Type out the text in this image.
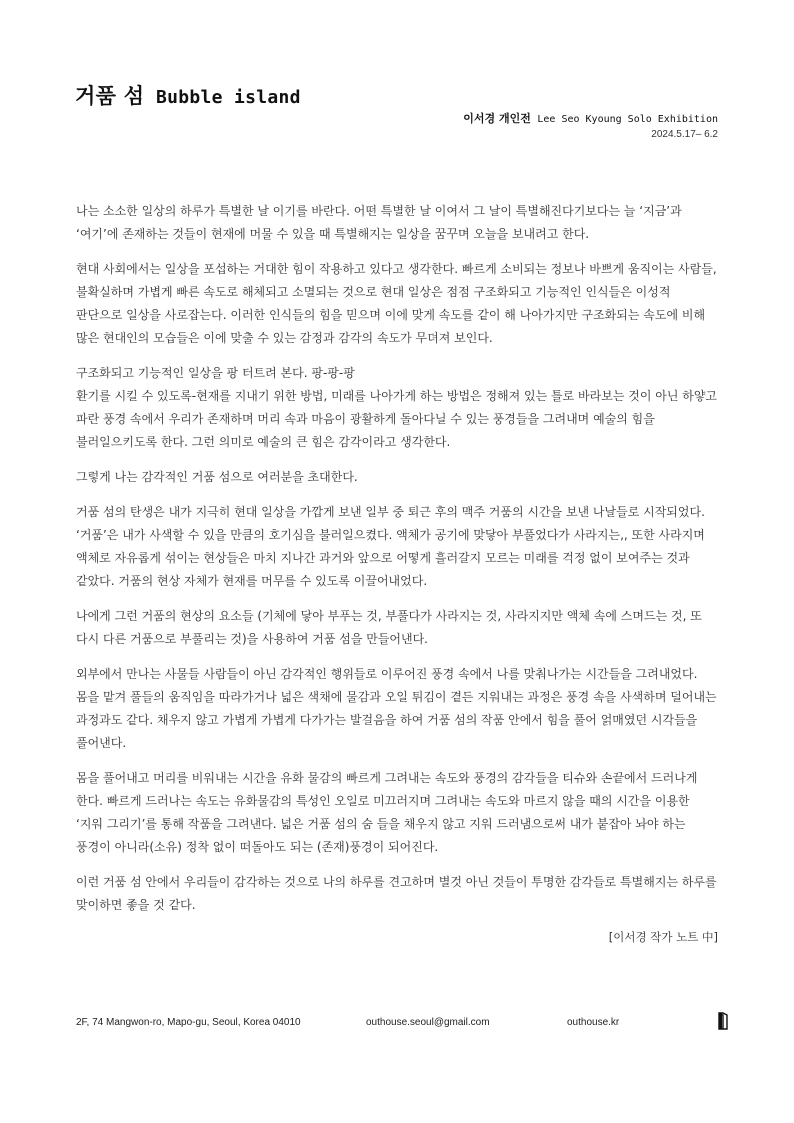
거품 섬 Bubble island
이서경 개인전 Lee Seo Kyoung Solo Exhibition
2024.5.17– 6.2

나는 소소한 일상의 하루가 특별한 날 이기를 바란다. 어떤 특별한 날 이여서 그 날이 특별해진다기보다는 늘 ‘지금’과 ‘여기’에 존재하는 것들이 현재에 머물 수 있을 때 특별해지는 일상을 꿈꾸며 오늘을 보내려고 한다.

현대 사회에서는 일상을 포섭하는 거대한 힘이 작용하고 있다고 생각한다. 빠르게 소비되는 정보나 바쁘게 움직이는 사람들, 불확실하며 가볍게 빠른 속도로 해체되고 소멸되는 것으로 현대 일상은 점점 구조화되고 기능적인 인식들은 이성적 판단으로 일상을 사로잡는다. 이러한 인식들의 힘을 믿으며 이에 맞게 속도를 같이 해 나아가지만 구조화되는 속도에 비해 많은 현대인의 모습들은 이에 맞출 수 있는 감정과 감각의 속도가 무뎌져 보인다.

구조화되고 기능적인 일상을 팡 터트려 본다. 팡-팡-팡
환기를 시킬 수 있도록-현재를 지내기 위한 방법, 미래를 나아가게 하는 방법은 정해져 있는 틀로 바라보는 것이 아닌 하얗고 파란 풍경 속에서 우리가 존재하며 머리 속과 마음이 광활하게 돌아다닐 수 있는 풍경들을 그려내며 예술의 힘을 불러일으키도록 한다. 그런 의미로 예술의 큰 힘은 감각이라고 생각한다.

그렇게 나는 감각적인 거품 섬으로 여러분을 초대한다.

거품 섬의 탄생은 내가 지극히 현대 일상을 가깝게 보낸 일부 중 퇴근 후의 맥주 거품의 시간을 보낸 나날들로 시작되었다. ‘거품’은 내가 사색할 수 있을 만큼의 호기심을 불러일으켰다. 액체가 공기에 맞닿아 부풀었다가 사라지는,, 또한 사라지며 액체로 자유롭게 섞이는 현상들은 마치 지나간 과거와 앞으로 어떻게 흘러갈지 모르는 미래를 걱정 없이 보여주는 것과 같았다. 거품의 현상 자체가 현재를 머무를 수 있도록 이끌어내었다.

나에게 그런 거품의 현상의 요소들 (기체에 닿아 부푸는 것, 부풀다가 사라지는 것, 사라지지만 액체 속에 스며드는 것, 또 다시 다른 거품으로 부풀리는 것)을 사용하여 거품 섬을 만들어낸다.

외부에서 만나는 사물들 사람들이 아닌 감각적인 행위들로 이루어진 풍경 속에서 나를 맞춰나가는 시간들을 그려내었다. 몸을 맡겨 풀들의 움직임을 따라가거나 넓은 색채에 물감과 오일 튀김이 곁든 지워내는 과정은 풍경 속을 사색하며 덜어내는 과정과도 같다. 채우지 않고 가볍게 가볍게 다가가는 발걸음을 하여 거품 섬의 작품 안에서 힘을 풀어 얽매였던 시각들을 풀어낸다.

몸을 풀어내고 머리를 비워내는 시간을 유화 물감의 빠르게 그려내는 속도와 풍경의 감각들을 티슈와 손끝에서 드러나게 한다. 빠르게 드러나는 속도는 유화물감의 특성인 오일로 미끄러지며 그려내는 속도와 마르지 않을 때의 시간을 이용한 ‘지워 그리기’를 통해 작품을 그려낸다. 넓은 거품 섬의 숨 들을 채우지 않고 지워 드러냄으로써 내가 붙잡아 놔야 하는 풍경이 아니라(소유) 정착 없이 떠돌아도 되는 (존재)풍경이 되어진다.

이런 거품 섬 안에서 우리들이 감각하는 것으로 나의 하루를 견고하며 별것 아닌 것들이 투명한 감각들로 특별해지는 하루를 맞이하면 좋을 것 같다.

[이서경 작가 노트 中]
2F, 74 Mangwon-ro, Mapo-gu, Seoul, Korea 04010	outhouse.seoul@gmail.com	outhouse.kr
